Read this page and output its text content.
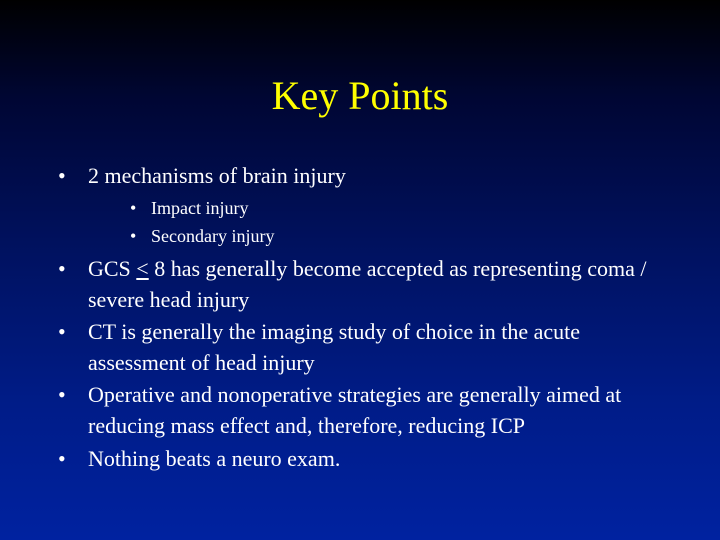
Key Points
•	2 mechanisms of brain injury
• Impact injury
• Secondary injury
•	GCS ≤ 8 has generally become accepted as representing coma / severe head injury
•	CT is generally the imaging study of choice in the acute assessment of head injury
•	Operative and nonoperative strategies are generally aimed at reducing mass effect and, therefore, reducing ICP
•	Nothing beats a neuro exam.
